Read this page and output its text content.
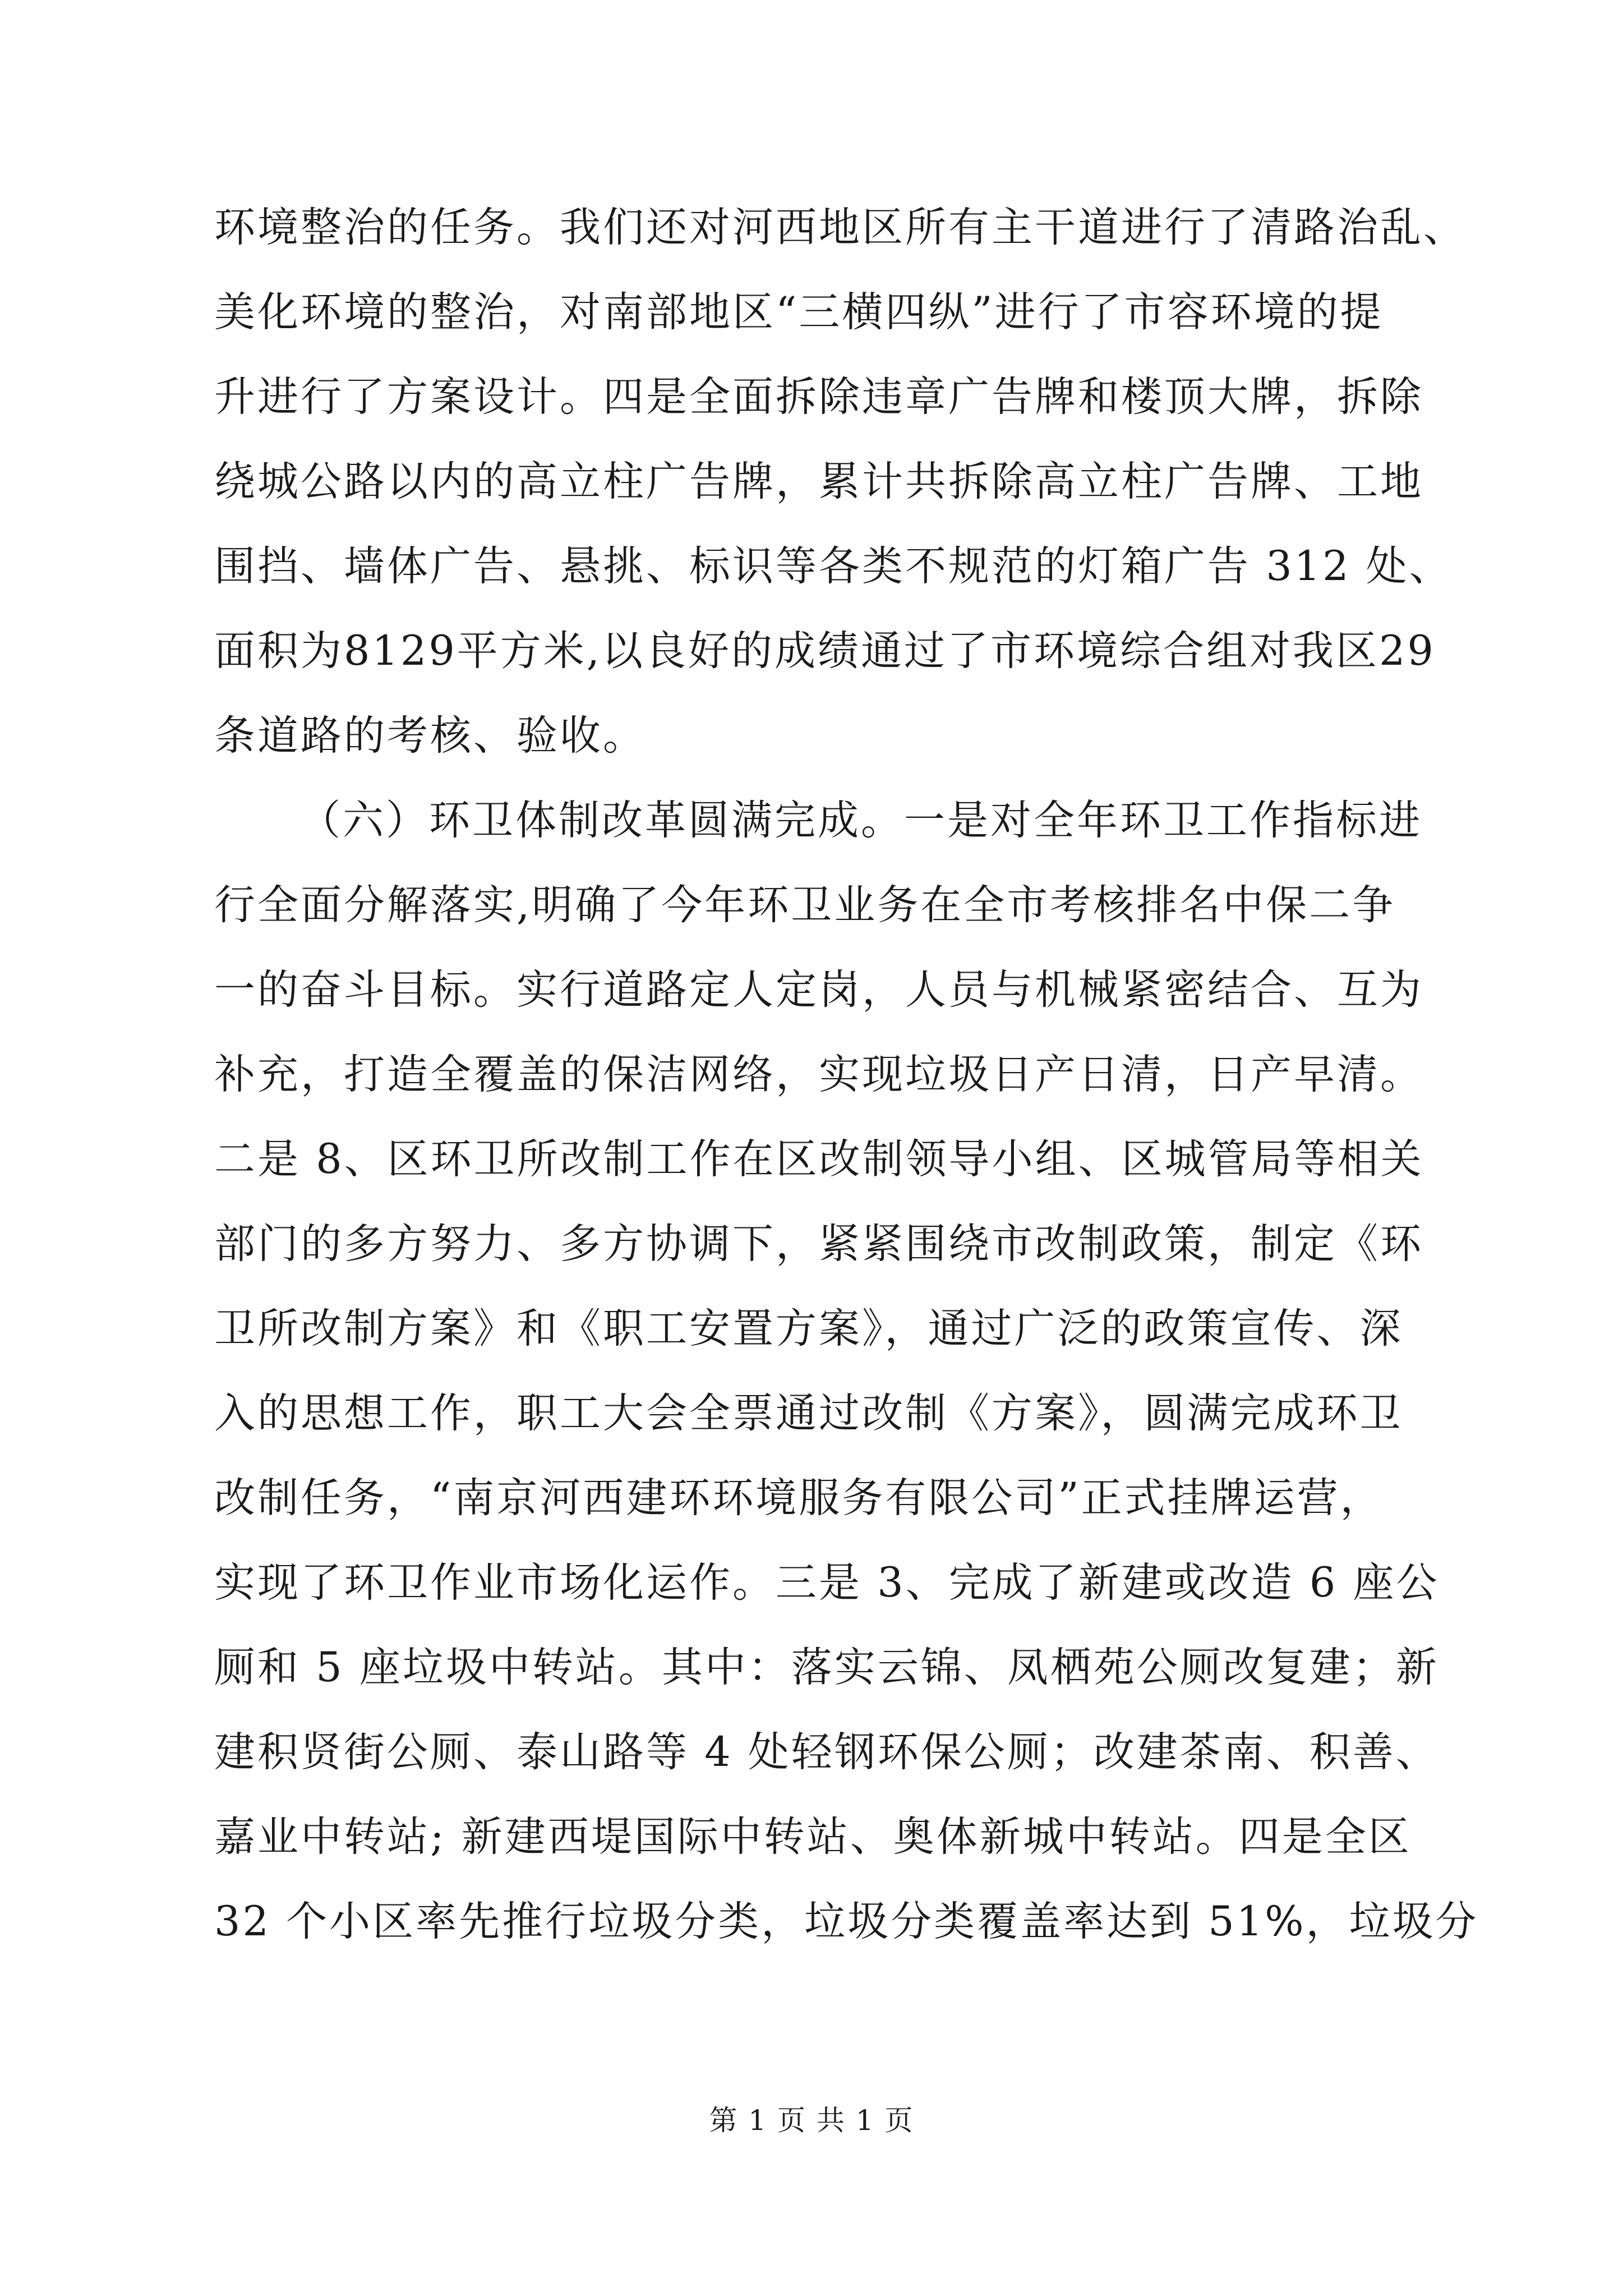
环境整治的任务。我们还对河西地区所有主干道进行了清路治乱、
美化环境的整治，对南部地区“三横四纵”进行了市容环境的提
升进行了方案设计。四是全面拆除违章广告牌和楼顶大牌，拆除
绕城公路以内的高立柱广告牌，累计共拆除高立柱广告牌、工地
围挡、墙体广告、悬挑、标识等各类不规范的灯箱广告 312 处、
面积为8129平方米,以良好的成绩通过了市环境综合组对我区29
条道路的考核、验收。
（六）环卫体制改革圆满完成。一是对全年环卫工作指标进
行全面分解落实,明确了今年环卫业务在全市考核排名中保二争
一的奋斗目标。实行道路定人定岗，人员与机械紧密结合、互为
补充，打造全覆盖的保洁网络，实现垃圾日产日清，日产早清。
二是 8、区环卫所改制工作在区改制领导小组、区城管局等相关
部门的多方努力、多方协调下，紧紧围绕市改制政策，制定《环
卫所改制方案》和《职工安置方案》，通过广泛的政策宣传、深
入的思想工作，职工大会全票通过改制《方案》，圆满完成环卫
改制任务，“南京河西建环环境服务有限公司”正式挂牌运营，
实现了环卫作业市场化运作。三是 3、完成了新建或改造 6 座公
厕和 5 座垃圾中转站。其中：落实云锦、凤栖苑公厕改复建；新
建积贤街公厕、泰山路等 4 处轻钢环保公厕；改建茶南、积善、
嘉业中转站; 新建西堤国际中转站、奥体新城中转站。四是全区
32 个小区率先推行垃圾分类，垃圾分类覆盖率达到 51%，垃圾分
第 1 页 共 1 页
